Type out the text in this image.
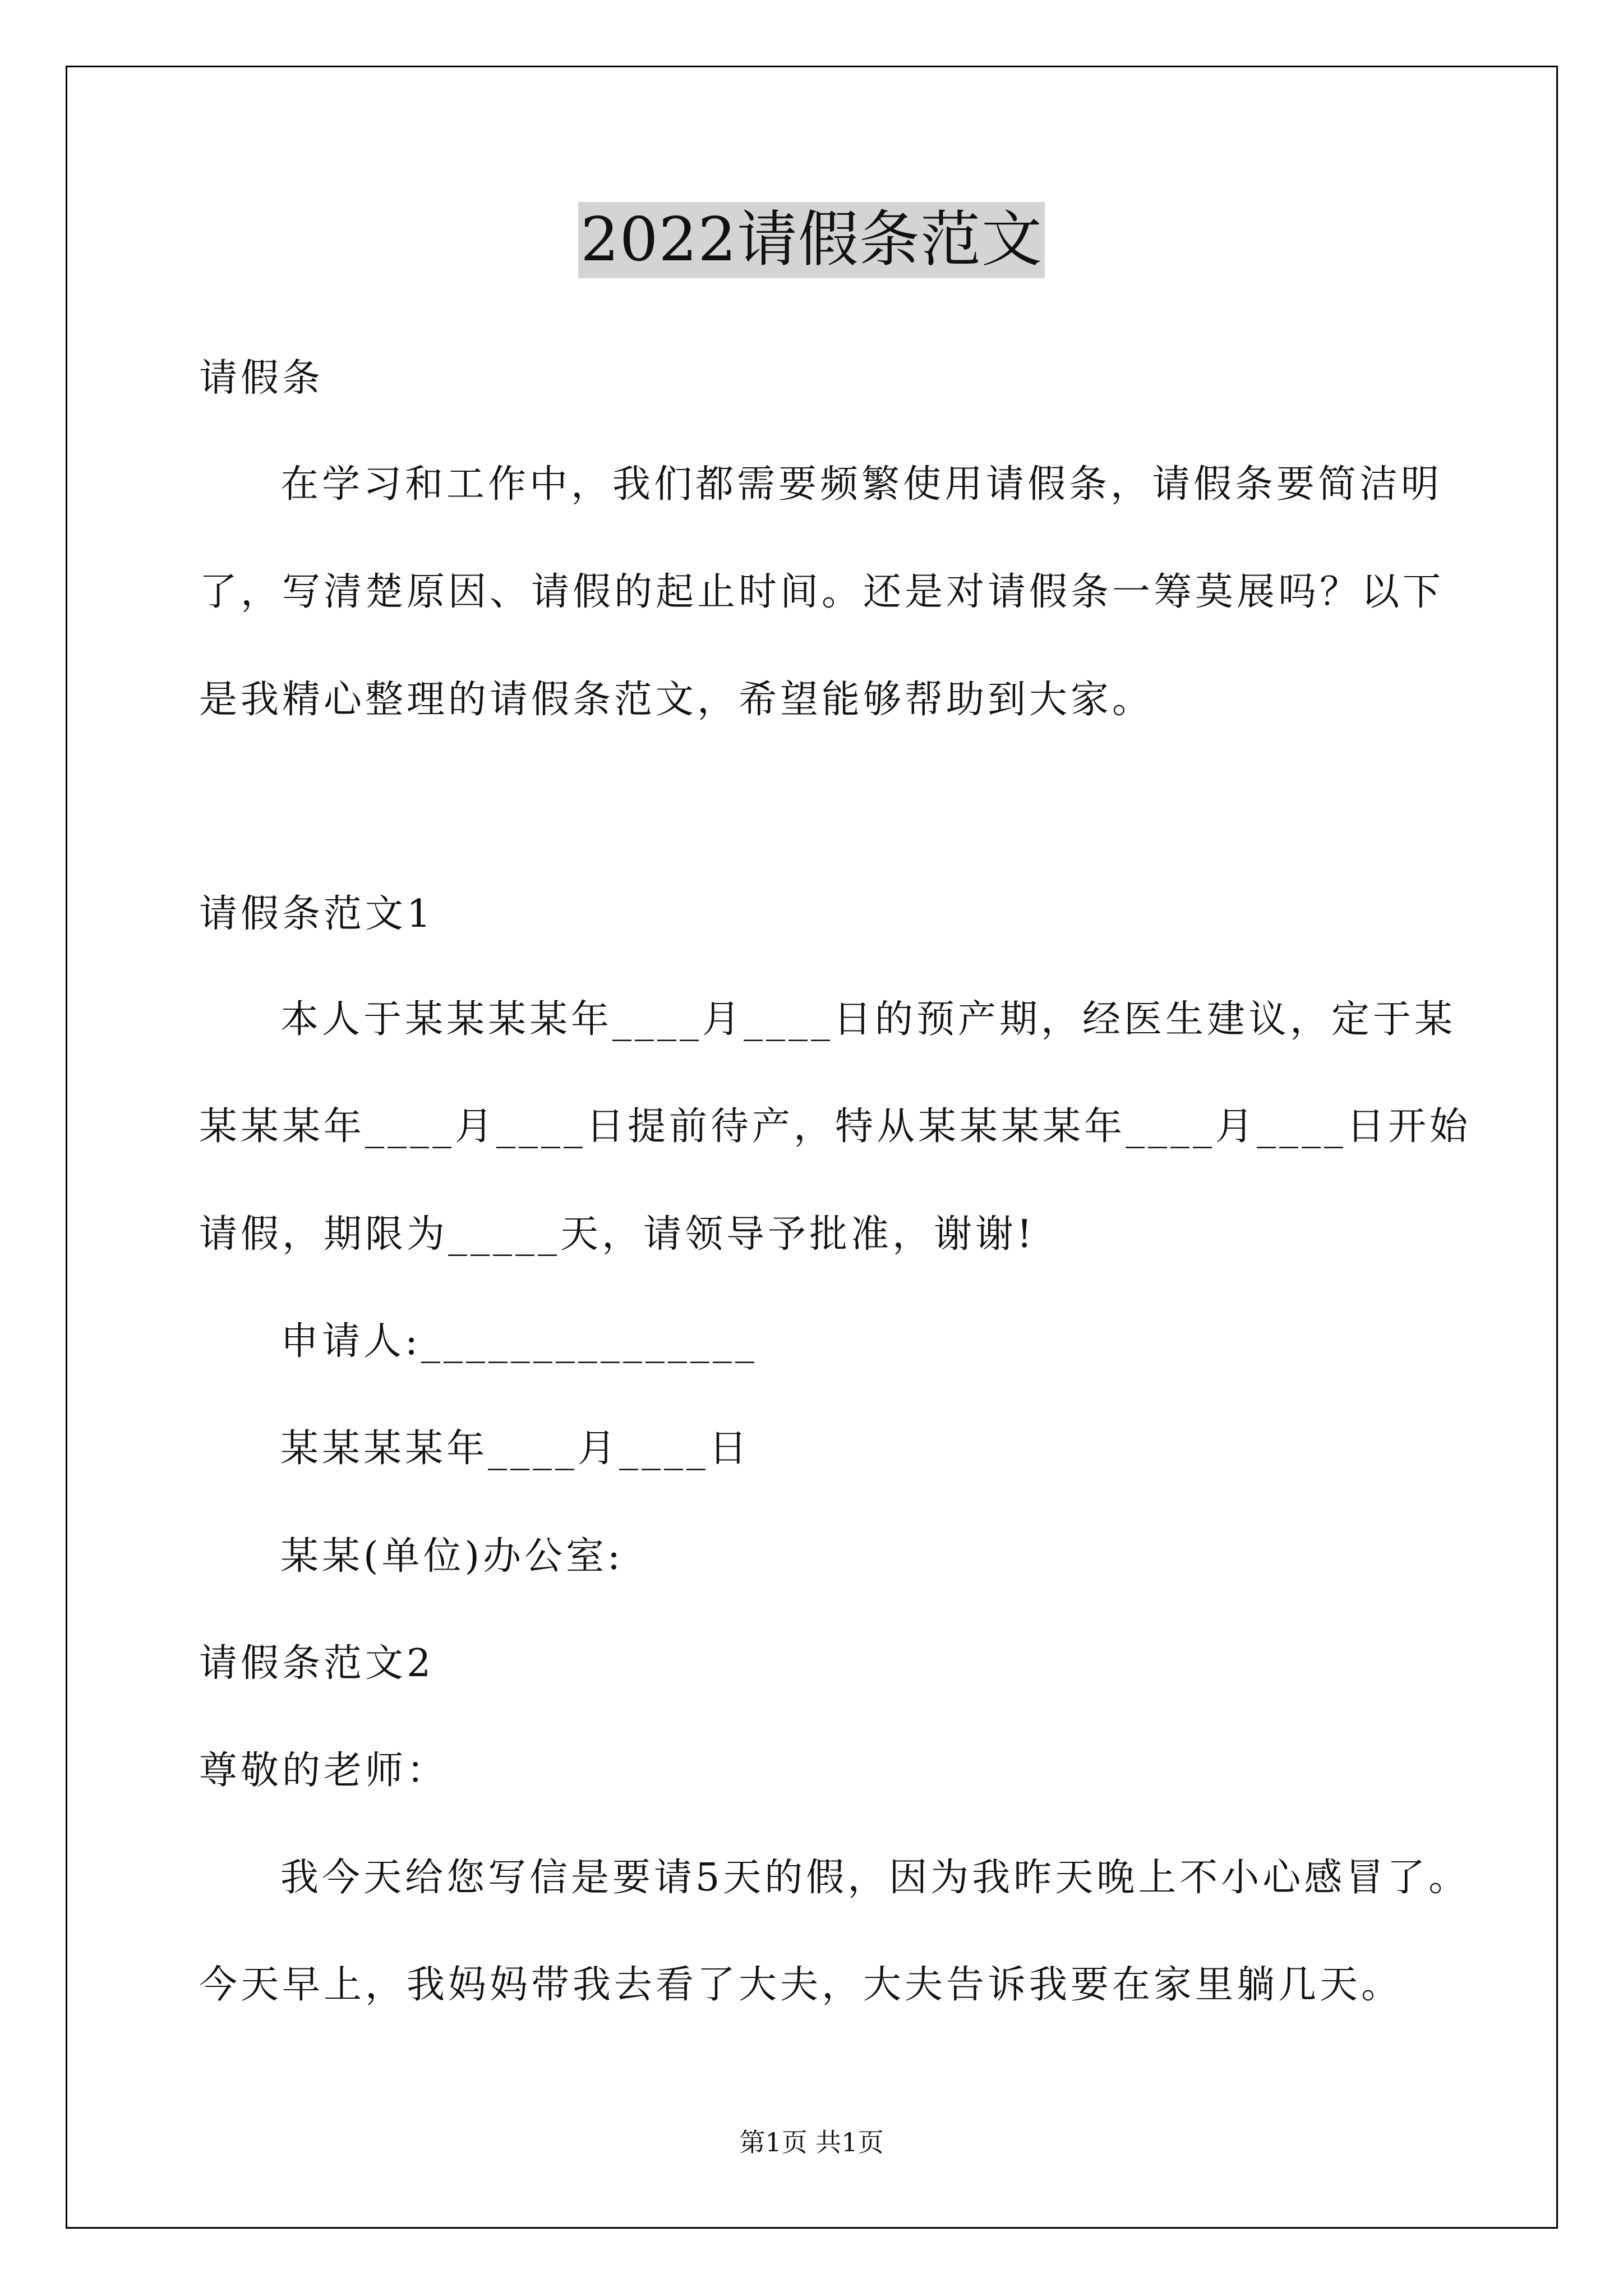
2022请假条范文
请假条
在学习和工作中，我们都需要频繁使用请假条，请假条要简洁明
了，写清楚原因、请假的起止时间。还是对请假条一筹莫展吗？以下
是我精心整理的请假条范文，希望能够帮助到大家。
请假条范文1
本人于某某某某年____月____日的预产期，经医生建议，定于某
某某某年____月____日提前待产，特从某某某某年____月____日开始
请假，期限为_____天，请领导予批准，谢谢!
申请人:_______________
某某某某年____月____日
某某(单位)办公室:
请假条范文2
尊敬的老师：
我今天给您写信是要请5天的假，因为我昨天晚上不小心感冒了。
今天早上，我妈妈带我去看了大夫，大夫告诉我要在家里躺几天。
第1页 共1页
